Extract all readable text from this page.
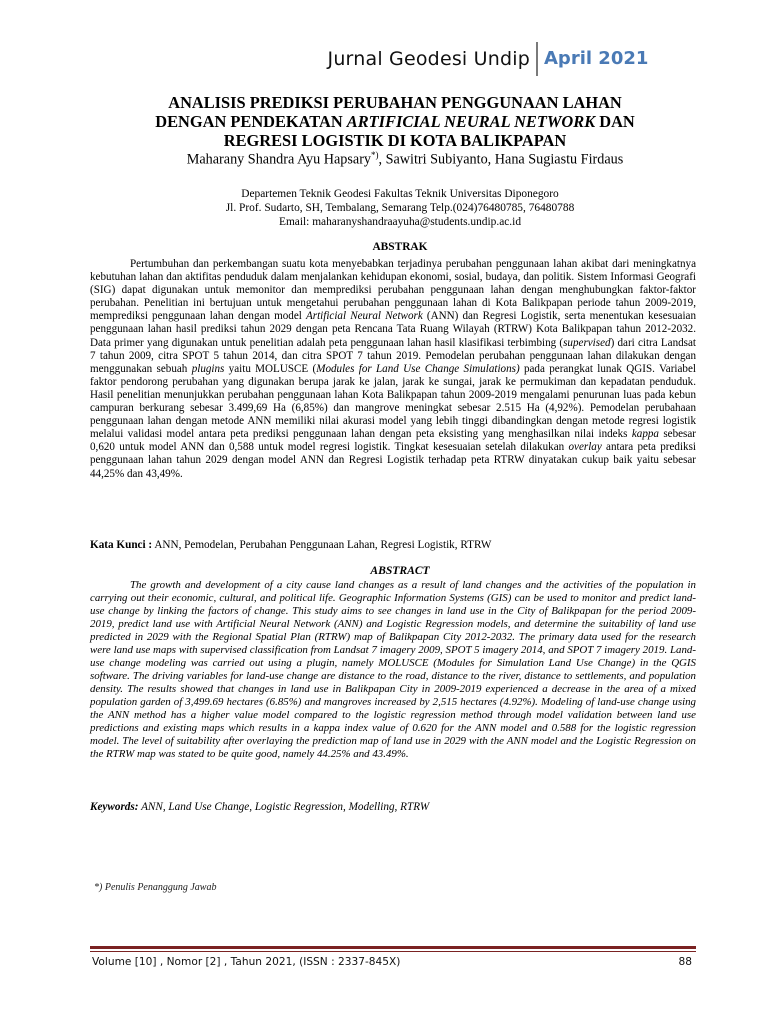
Jurnal Geodesi Undip April 2021
ANALISIS PREDIKSI PERUBAHAN PENGGUNAAN LAHAN
DENGAN PENDEKATAN ARTIFICIAL NEURAL NETWORK DAN
REGRESI LOGISTIK DI KOTA BALIKPAPAN
Maharany Shandra Ayu Hapsary*), Sawitri Subiyanto, Hana Sugiastu Firdaus
Departemen Teknik Geodesi Fakultas Teknik Universitas Diponegoro
Jl. Prof. Sudarto, SH, Tembalang, Semarang Telp.(024)76480785, 76480788
Email: maharanyshandraayuha@students.undip.ac.id
ABSTRAK

Pertumbuhan dan perkembangan suatu kota menyebabkan terjadinya perubahan penggunaan lahan akibat dari meningkatnya kebutuhan lahan dan aktifitas penduduk dalam menjalankan kehidupan ekonomi, sosial, budaya, dan politik. Sistem Informasi Geografi (SIG) dapat digunakan untuk memonitor dan memprediksi perubahan penggunaan lahan dengan menghubungkan faktor-faktor perubahan. Penelitian ini bertujuan untuk mengetahui perubahan penggunaan lahan di Kota Balikpapan periode tahun 2009-2019, memprediksi penggunaan lahan dengan model Artificial Neural Network (ANN) dan Regresi Logistik, serta menentukan kesesuaian penggunaan lahan hasil prediksi tahun 2029 dengan peta Rencana Tata Ruang Wilayah (RTRW) Kota Balikpapan tahun 2012-2032. Data primer yang digunakan untuk penelitian adalah peta penggunaan lahan hasil klasifikasi terbimbing (supervised) dari citra Landsat 7 tahun 2009, citra SPOT 5 tahun 2014, dan citra SPOT 7 tahun 2019. Pemodelan perubahan penggunaan lahan dilakukan dengan menggunakan sebuah plugins yaitu MOLUSCE (Modules for Land Use Change Simulations) pada perangkat lunak QGIS. Variabel faktor pendorong perubahan yang digunakan berupa jarak ke jalan, jarak ke sungai, jarak ke permukiman dan kepadatan penduduk. Hasil penelitian menunjukkan perubahan penggunaan lahan Kota Balikpapan tahun 2009-2019 mengalami penurunan luas pada kebun campuran berkurang sebesar 3.499,69 Ha (6,85%) dan mangrove meningkat sebesar 2.515 Ha (4,92%). Pemodelan perubahaan penggunaan lahan dengan metode ANN memiliki nilai akurasi model yang lebih tinggi dibandingkan dengan metode regresi logistik melalui validasi model antara peta prediksi penggunaan lahan dengan peta eksisting yang menghasilkan nilai indeks kappa sebesar 0,620 untuk model ANN dan 0,588 untuk model regresi logistik. Tingkat kesesuaian setelah dilakukan overlay antara peta prediksi penggunaan lahan tahun 2029 dengan model ANN dan Regresi Logistik terhadap peta RTRW dinyatakan cukup baik yaitu sebesar 44,25% dan 43,49%.

Kata Kunci : ANN, Pemodelan, Perubahan Penggunaan Lahan, Regresi Logistik, RTRW
ABSTRACT

The growth and development of a city cause land changes as a result of land changes and the activities of the population in carrying out their economic, cultural, and political life. Geographic Information Systems (GIS) can be used to monitor and predict land-use change by linking the factors of change. This study aims to see changes in land use in the City of Balikpapan for the period 2009-2019, predict land use with Artificial Neural Network (ANN) and Logistic Regression models, and determine the suitability of land use predicted in 2029 with the Regional Spatial Plan (RTRW) map of Balikpapan City 2012-2032. The primary data used for the research were land use maps with supervised classification from Landsat 7 imagery 2009, SPOT 5 imagery 2014, and SPOT 7 imagery 2019. Land-use change modeling was carried out using a plugin, namely MOLUSCE (Modules for Simulation Land Use Change) in the QGIS software. The driving variables for land-use change are distance to the road, distance to the river, distance to settlements, and population density. The results showed that changes in land use in Balikpapan City in 2009-2019 experienced a decrease in the area of a mixed population garden of 3,499.69 hectares (6.85%) and mangroves increased by 2,515 hectares (4.92%). Modeling of land-use change using the ANN method has a higher value model compared to the logistic regression method through model validation between land use predictions and existing maps which results in a kappa index value of 0.620 for the ANN model and 0.588 for the logistic regression model. The level of suitability after overlaying the prediction map of land use in 2029 with the ANN model and the Logistic Regression on the RTRW map was stated to be quite good, namely 44.25% and 43.49%.

Keywords: ANN, Land Use Change, Logistic Regression, Modelling, RTRW
*) Penulis Penanggung Jawab
Volume [10] , Nomor [2] , Tahun 2021, (ISSN : 2337-845X)	88
